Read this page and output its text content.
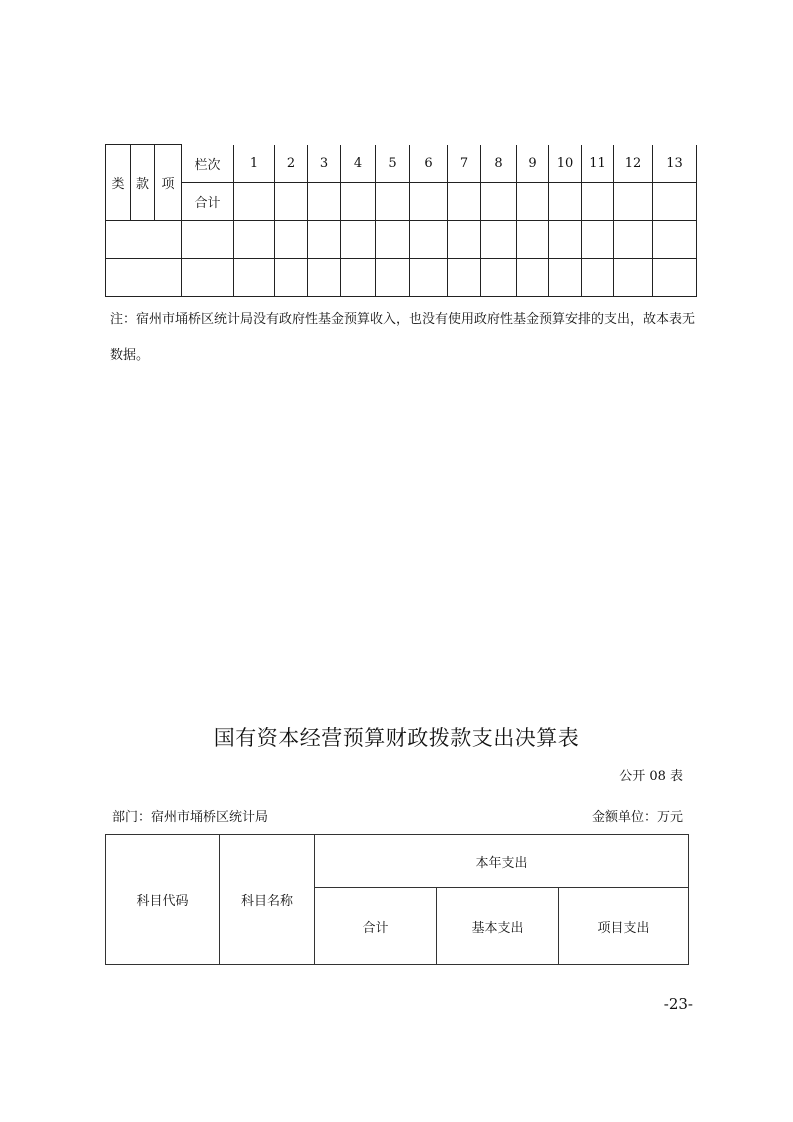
类	款	项	栏次	1	2	3	4	5	6	7	8	9	10	11	12	13
			合计													

注：宿州市埇桥区统计局没有政府性基金预算收入，也没有使用政府性基金预算安排的支出，故本表无
数据。
国有资本经营预算财政拨款支出决算表
公开 08 表
部门：宿州市埇桥区统计局	金额单位：万元
科目代码	科目名称	本年支出		
		合计	基本支出	项目支出
-23-
